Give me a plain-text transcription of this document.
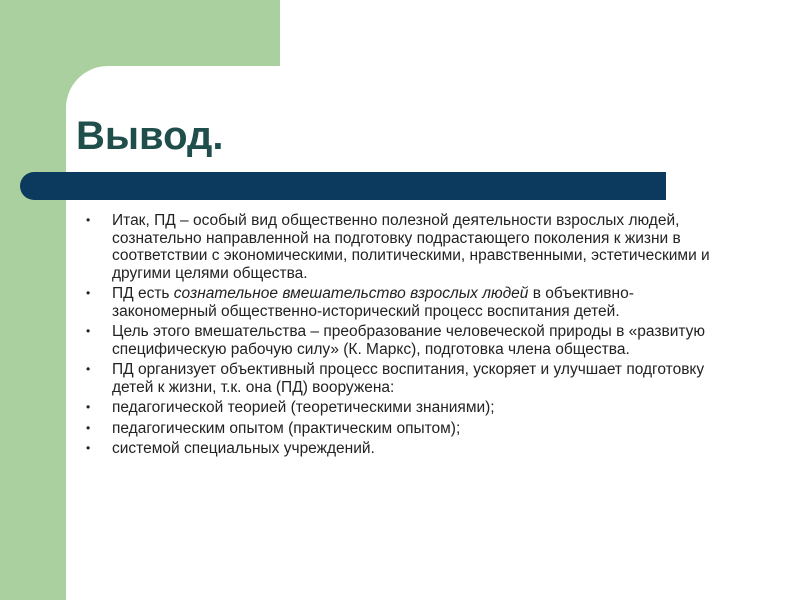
Вывод.
• Итак, ПД – особый вид общественно полезной деятельности взрослых людей, сознательно направленной на подготовку подрастающего поколения к жизни в соответствии с экономическими, политическими, нравственными, эстетическими и другими целями общества.
• ПД есть сознательное вмешательство взрослых людей в объективно-закономерный общественно-исторический процесс воспитания детей.
• Цель этого вмешательства – преобразование человеческой природы в «развитую специфическую рабочую силу» (К. Маркс), подготовка члена общества.
• ПД организует объективный процесс воспитания, ускоряет и улучшает подготовку детей к жизни, т.к. она (ПД) вооружена:
• педагогической теорией (теоретическими знаниями);
• педагогическим опытом (практическим опытом);
• системой специальных учреждений.
